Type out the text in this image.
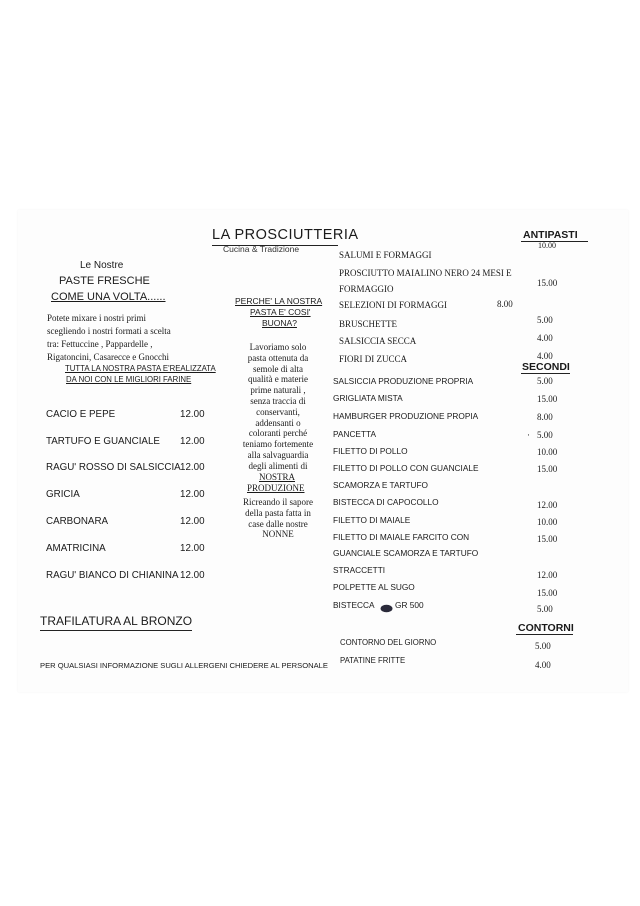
LA PROSCIUTTERIA
Cucina & Tradizione
Le Nostre
PASTE FRESCHE
COME UNA VOLTA......
Potete mixare i nostri primi
scegliendo i nostri formati a scelta
tra: Fettuccine , Pappardelle ,
Rigatoncini, Casarecce e Gnocchi
TUTTA LA NOSTRA PASTA E'REALIZZATA
DA NOI CON LE MIGLIORI FARINE
CACIO E PEPE	12.00
TARTUFO E GUANCIALE 12.00
RAGU' ROSSO DI SALSICCIA 12.00
GRICIA	12.00
CARBONARA	12.00
AMATRICINA	12.00
RAGU' BIANCO DI CHIANINA 12.00
TRAFILATURA AL BRONZO
PER QUALSIASI INFORMAZIONE SUGLI ALLERGENI CHIEDERE AL PERSONALE
PERCHE' LA NOSTRA
PASTA E' COSI'
BUONA?
Lavoriamo solo
pasta ottenuta da
semole di alta
qualità e materie
prime naturali ,
senza traccia di
conservanti,
addensanti o
coloranti perché
teniamo fortemente
alla salvaguardia
degli alimenti di
NOSTRA
PRODUZIONE
Ricreando il sapore
della pasta fatta in
case dalle nostre
NONNE
ANTIPASTI
SALUMI E FORMAGGI
10.00
PROSCIUTTO MAIALINO NERO 24 MESI E
FORMAGGIO
15.00
SELEZIONI DI FORMAGGI	8.00
BRUSCHETTE	5.00
SALSICCIA SECCA	4.00
FIORI DI ZUCCA	4.00
SECONDI
SALSICCIA PRODUZIONE PROPRIA	5.00
GRIGLIATA MISTA	15.00
HAMBURGER PRODUZIONE PROPIA	8.00
PANCETTA	· 5.00
FILETTO DI POLLO	10.00
FILETTO DI POLLO CON GUANCIALE
SCAMORZA E TARTUFO
15.00
BISTECCA DI CAPOCOLLO	12.00
FILETTO DI MAIALE	10.00
FILETTO DI MAIALE FARCITO CON
GUANCIALE SCAMORZA E TARTUFO
15.00
STRACCETTI	12.00
POLPETTE AL SUGO
15.00
BISTECCA GR 500	5.00
CONTORNI
CONTORNO DEL GIORNO	5.00
PATATINE FRITTE	4.00
